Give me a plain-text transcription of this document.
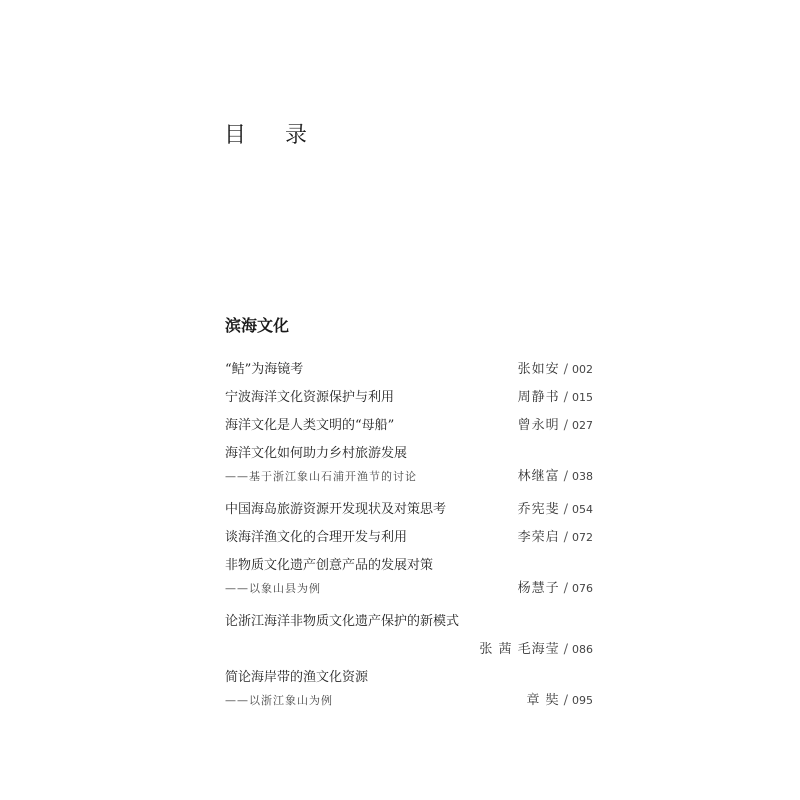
目 录
滨海文化
“鲒”为海镜考	张如安 / 002
宁波海洋文化资源保护与利用	周静书 / 015
海洋文化是人类文明的“母船”	曾永明 / 027
海洋文化如何助力乡村旅游发展
——基于浙江象山石浦开渔节的讨论	林继富 / 038
中国海岛旅游资源开发现状及对策思考	乔宪斐 / 054
谈海洋渔文化的合理开发与利用	李荣启 / 072
非物质文化遗产创意产品的发展对策
——以象山县为例	杨慧子 / 076
论浙江海洋非物质文化遗产保护的新模式
张 茜 毛海莹 / 086
简论海岸带的渔文化资源
——以浙江象山为例	章 奘 / 095
